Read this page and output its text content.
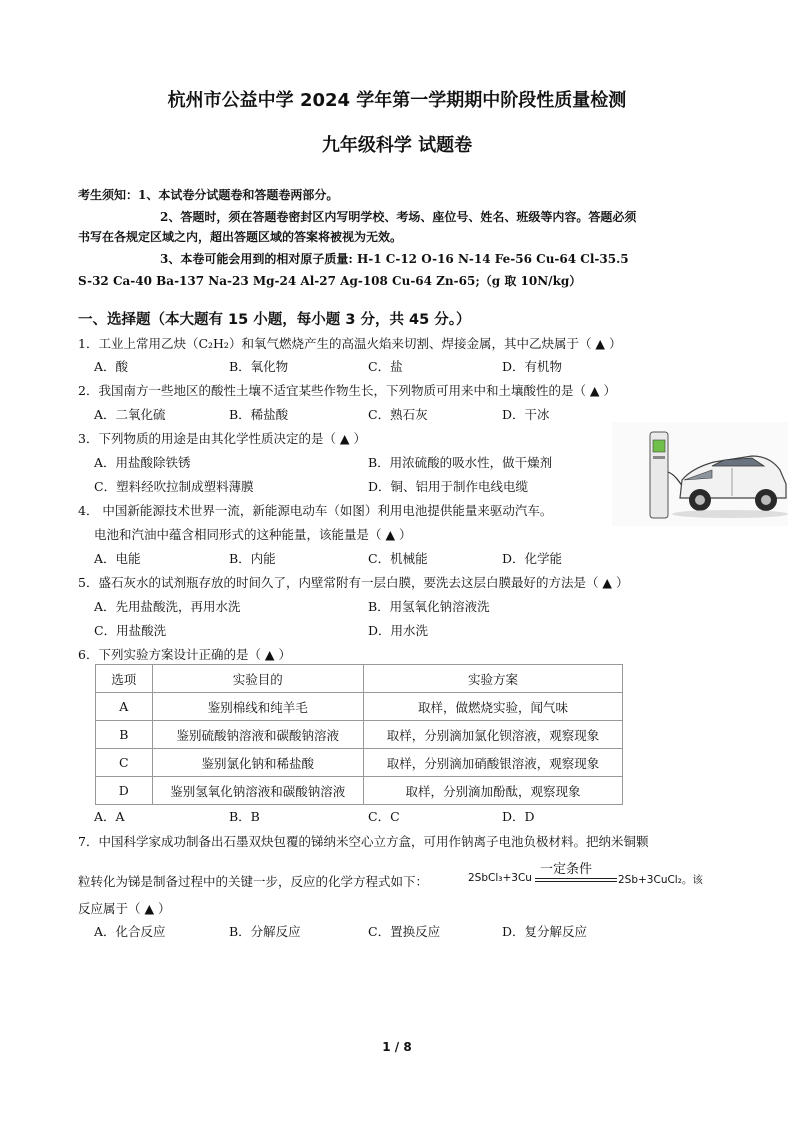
杭州市公益中学 2024 学年第一学期期中阶段性质量检测
九年级科学 试题卷
考生须知：1、本试卷分试题卷和答题卷两部分。
2、答题时，须在答题卷密封区内写明学校、考场、座位号、姓名、班级等内容。答题必须
书写在各规定区域之内，超出答题区域的答案将被视为无效。
3、本卷可能会用到的相对原子质量: H-1 C-12 O-16 N-14 Fe-56 Cu-64 Cl-35.5
S-32 Ca-40 Ba-137 Na-23 Mg-24 Al-27 Ag-108 Cu-64 Zn-65;（g 取 10N/kg）
一、选择题（本大题有 15 小题，每小题 3 分，共 45 分。）
1．工业上常用乙炔（C₂H₂）和氧气燃烧产生的高温火焰来切割、焊接金属，其中乙炔属于（ ▲ ）
A．酸	B．氧化物	C．盐	D．有机物
2．我国南方一些地区的酸性土壤不适宜某些作物生长，下列物质可用来中和土壤酸性的是（ ▲ ）
A．二氧化硫	B．稀盐酸	C．熟石灰	D．干冰
3．下列物质的用途是由其化学性质决定的是（ ▲ ）
A．用盐酸除铁锈	B．用浓硫酸的吸水性，做干燥剂
C．塑料经吹拉制成塑料薄膜	D．铜、铝用于制作电线电缆
4． 中国新能源技术世界一流，新能源电动车（如图）利用电池提供能量来驱动汽车。
电池和汽油中蕴含相同形式的这种能量，该能量是（ ▲ ）
A．电能	B．内能	C．机械能	D．化学能
5．盛石灰水的试剂瓶存放的时间久了，内壁常附有一层白膜，要洗去这层白膜最好的方法是（ ▲ ）
A．先用盐酸洗，再用水洗	B．用氢氧化钠溶液洗
C．用盐酸洗	D．用水洗
6．下列实验方案设计正确的是（ ▲ ）
选项	实验目的	实验方案
A	鉴别棉线和纯羊毛	取样，做燃烧实验，闻气味
B	鉴别硫酸钠溶液和碳酸钠溶液	取样，分别滴加氯化钡溶液，观察现象
C	鉴别氯化钠和稀盐酸	取样，分别滴加硝酸银溶液，观察现象
D	鉴别氢氧化钠溶液和碳酸钠溶液	取样，分别滴加酚酞，观察现象
A．A	B．B	C．C	D．D
7．中国科学家成功制备出石墨双炔包覆的锑纳米空心立方盒，可用作钠离子电池负极材料。把纳米铜颗
粒转化为锑是制备过程中的关键一步，反应的化学方程式如下：	2SbCl₃+3Cu
一定条件
2Sb+3CuCl₂。该
反应属于（ ▲ ）
A．化合反应	B．分解反应	C．置换反应	D．复分解反应
1 / 8
